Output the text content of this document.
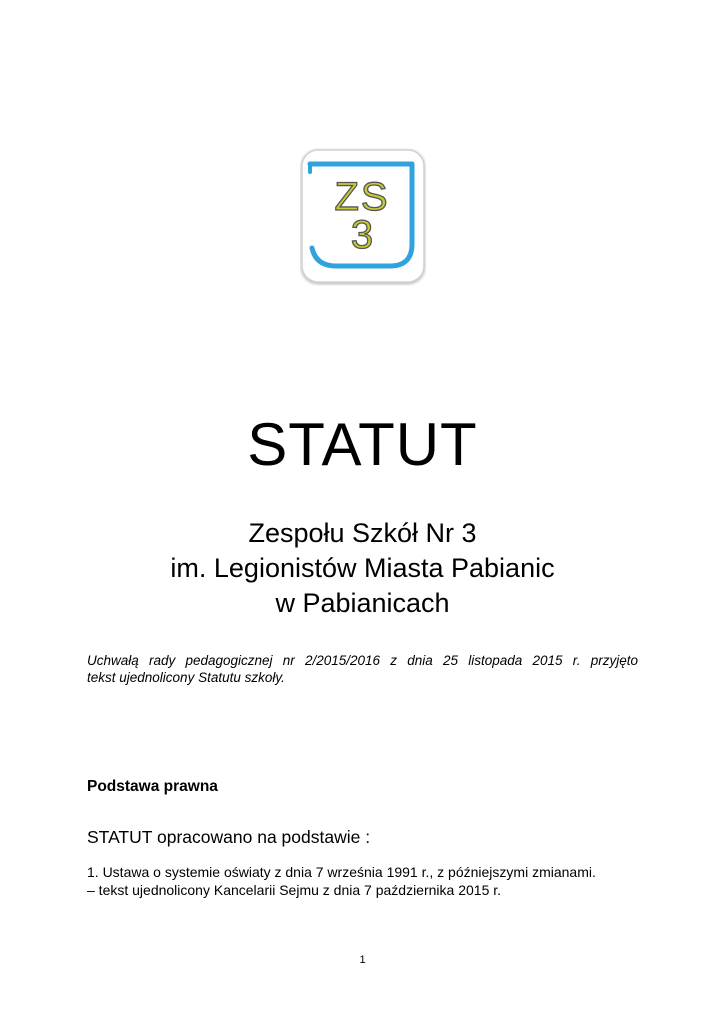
ZS
3
STATUT
Zespołu Szkół Nr 3
im. Legionistów Miasta Pabianic
w Pabianicach

Uchwałą rady pedagogicznej nr 2/2015/2016 z dnia 25 listopada 2015 r. przyjęto
tekst ujednolicony Statutu szkoły.

Podstawa prawna

STATUT opracowano na podstawie :

1. Ustawa o systemie oświaty z dnia 7 września 1991 r., z późniejszymi zmianami.
– tekst ujednolicony Kancelarii Sejmu z dnia 7 października 2015 r.
1
